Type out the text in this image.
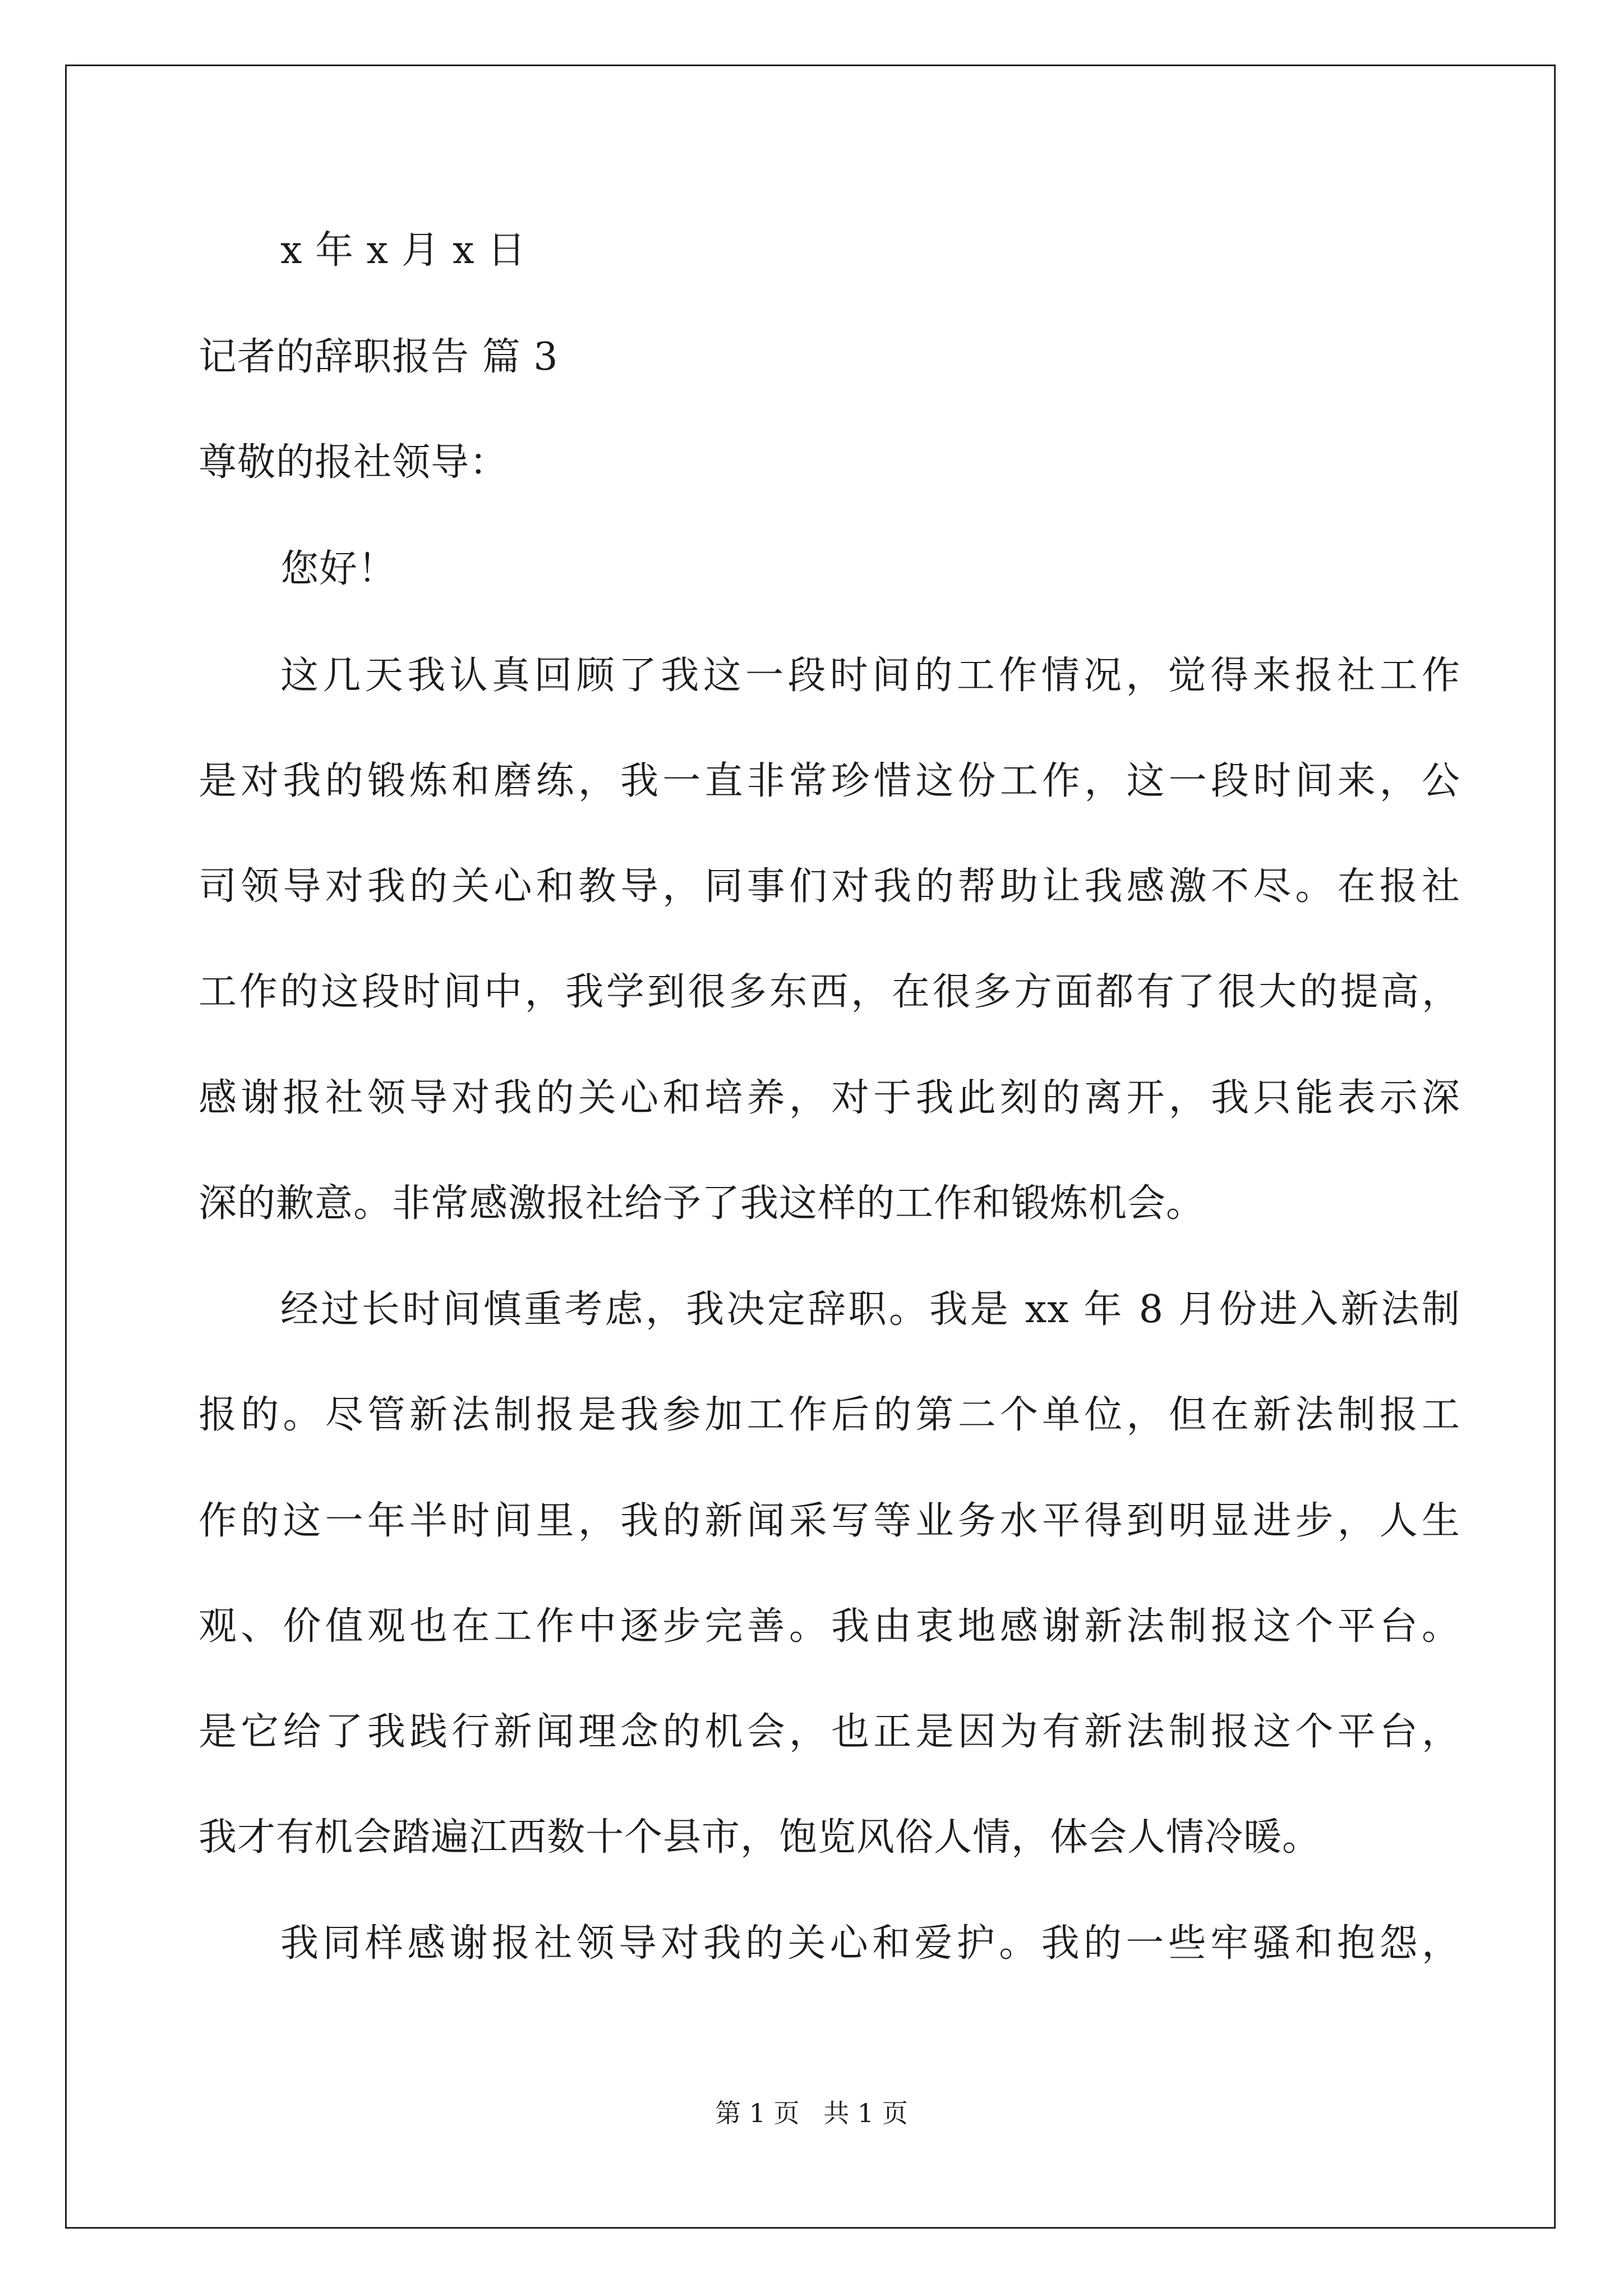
x 年 x 月 x 日
记者的辞职报告 篇 3
尊敬的报社领导：
您好！
这几天我认真回顾了我这一段时间的工作情况，觉得来报社工作
是对我的锻炼和磨练，我一直非常珍惜这份工作，这一段时间来，公
司领导对我的关心和教导，同事们对我的帮助让我感激不尽。在报社
工作的这段时间中，我学到很多东西，在很多方面都有了很大的提高，
感谢报社领导对我的关心和培养，对于我此刻的离开，我只能表示深
深的歉意。非常感激报社给予了我这样的工作和锻炼机会。
经过长时间慎重考虑，我决定辞职。我是 xx 年 8 月份进入新法制
报的。尽管新法制报是我参加工作后的第二个单位，但在新法制报工
作的这一年半时间里，我的新闻采写等业务水平得到明显进步，人生
观、价值观也在工作中逐步完善。我由衷地感谢新法制报这个平台。
是它给了我践行新闻理念的机会，也正是因为有新法制报这个平台，
我才有机会踏遍江西数十个县市，饱览风俗人情，体会人情冷暖。
我同样感谢报社领导对我的关心和爱护。我的一些牢骚和抱怨，
第 1 页 共 1 页
